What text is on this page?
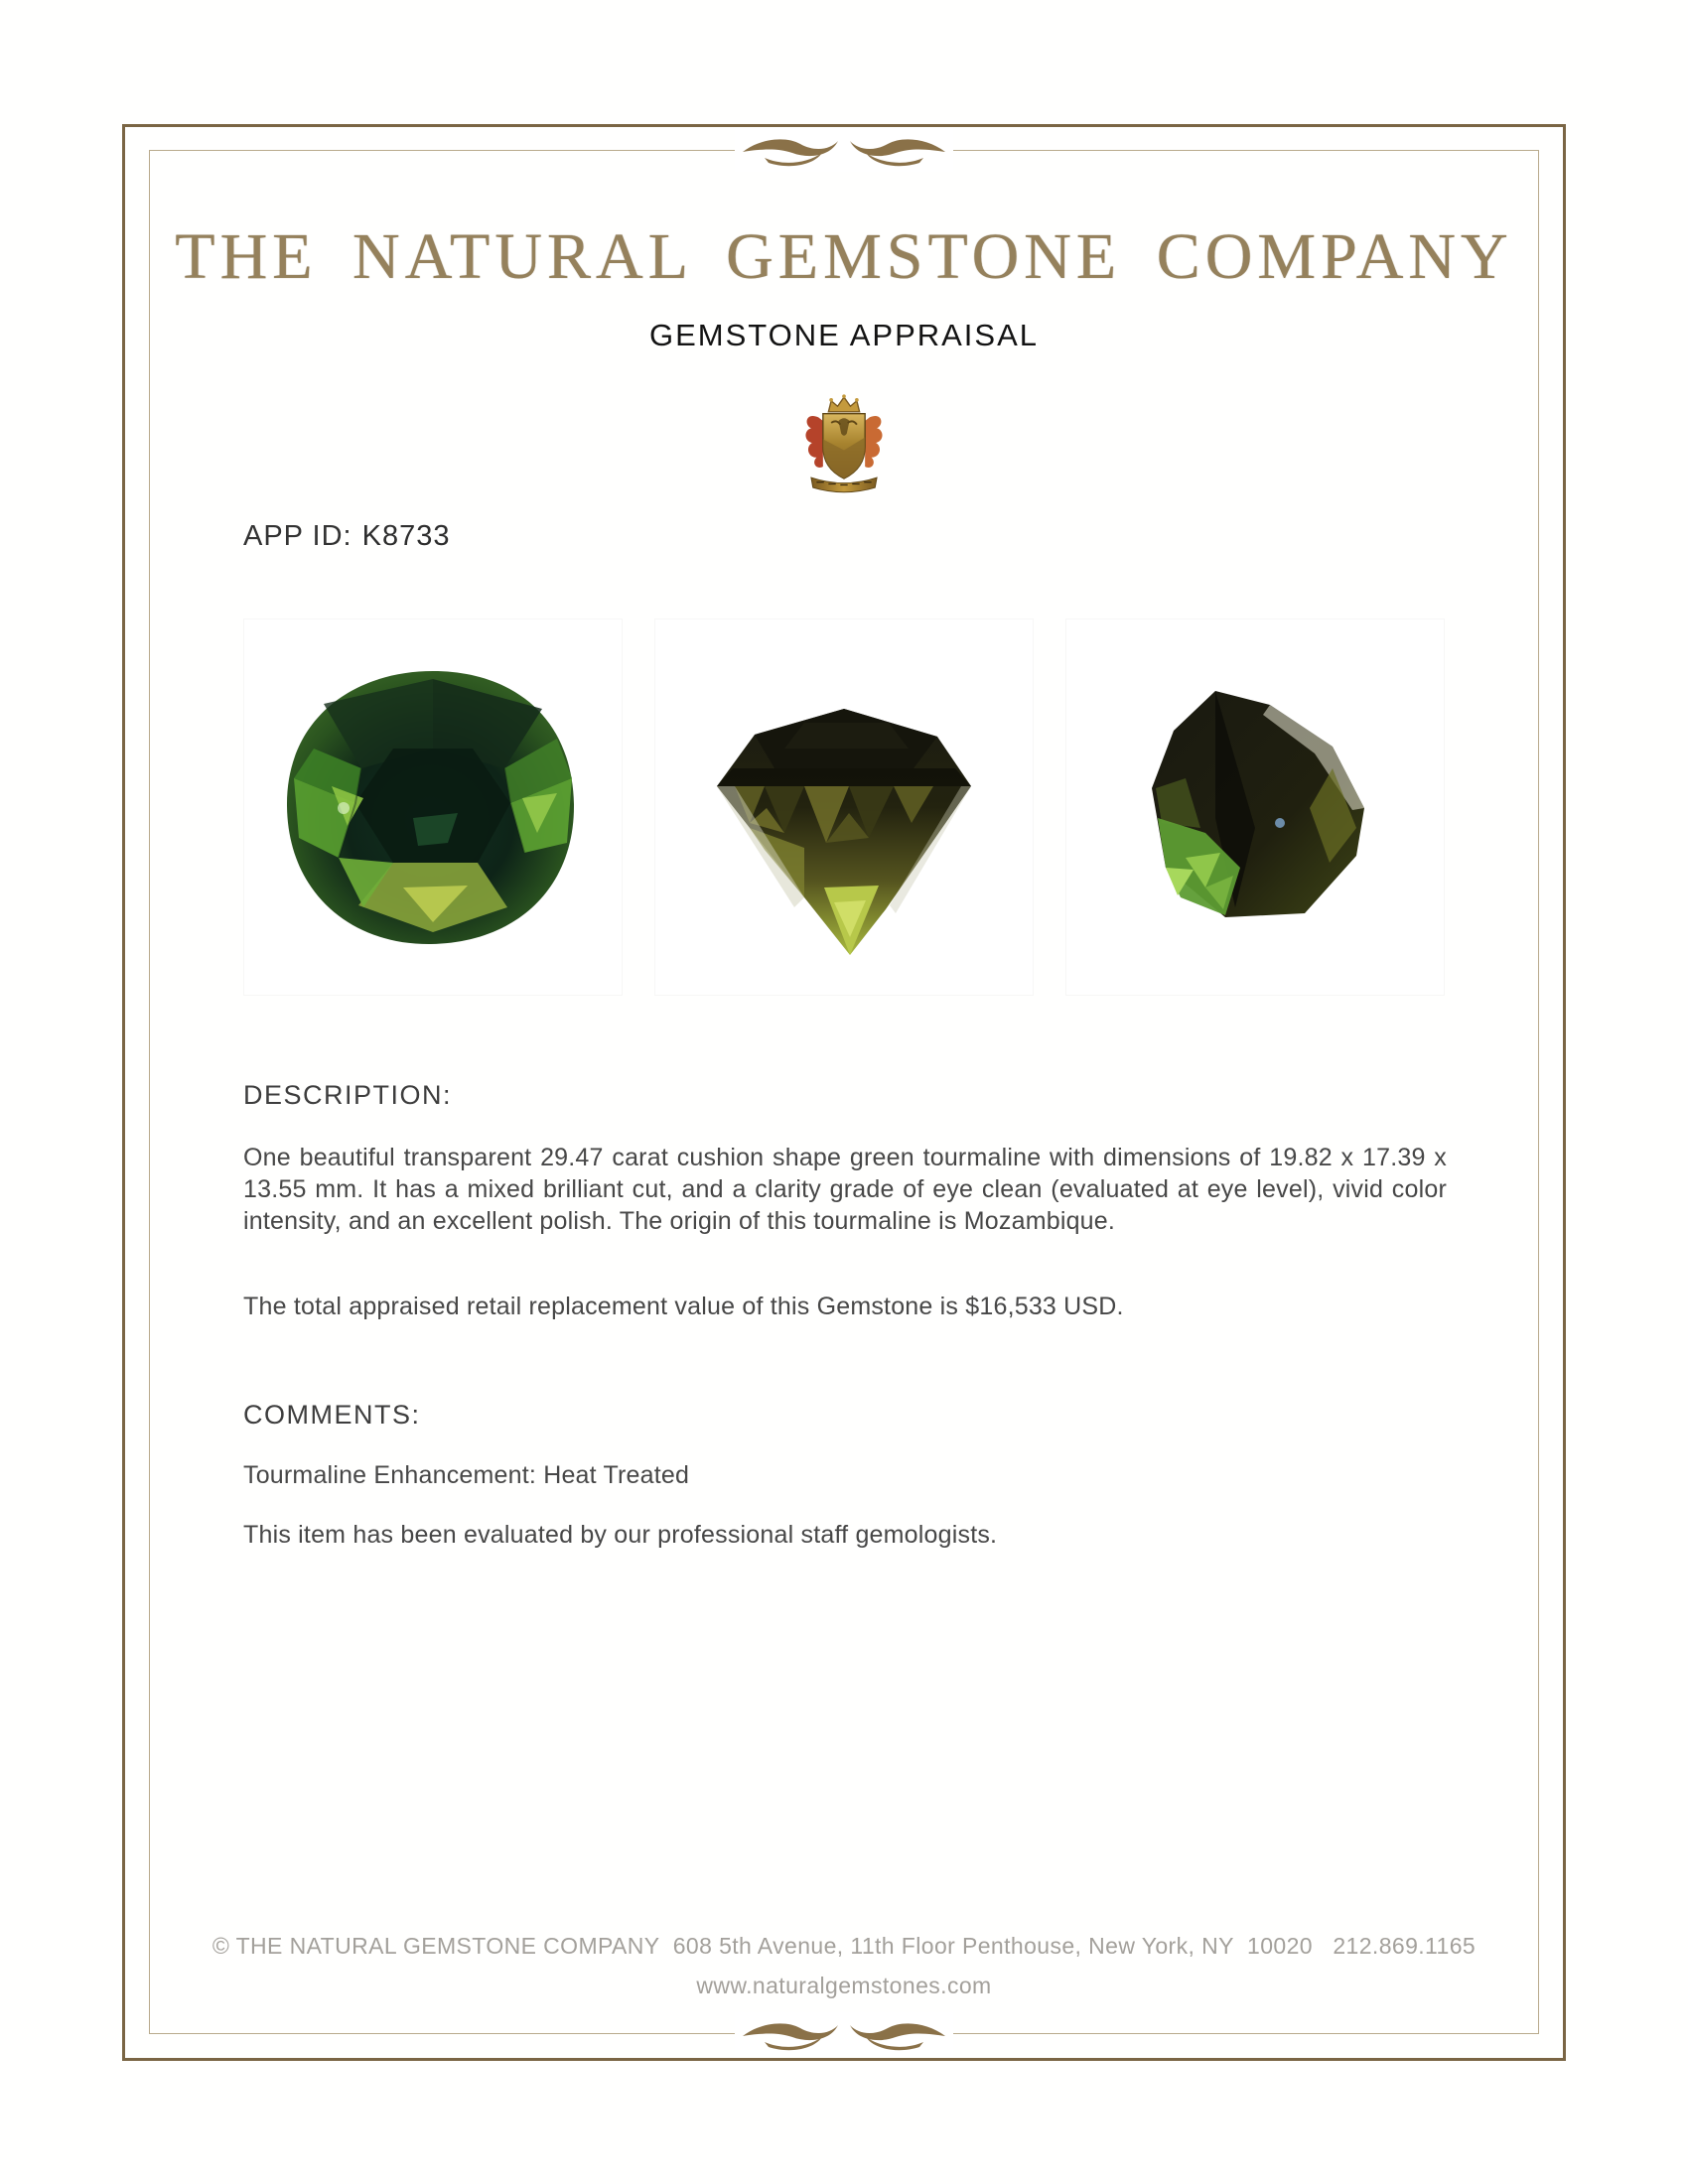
THE NATURAL GEMSTONE COMPANY
GEMSTONE APPRAISAL
APP ID: K8733
DESCRIPTION:
One beautiful transparent 29.47 carat cushion shape green tourmaline with dimensions of 19.82 x 17.39 x 13.55 mm. It has a mixed brilliant cut, and a clarity grade of eye clean (evaluated at eye level), vivid color intensity, and an excellent polish. The origin of this tourmaline is Mozambique.
The total appraised retail replacement value of this Gemstone is $16,533 USD.
COMMENTS:
Tourmaline Enhancement: Heat Treated
This item has been evaluated by our professional staff gemologists.
© THE NATURAL GEMSTONE COMPANY  608 5th Avenue, 11th Floor Penthouse, New York, NY  10020   212.869.1165
www.naturalgemstones.com
